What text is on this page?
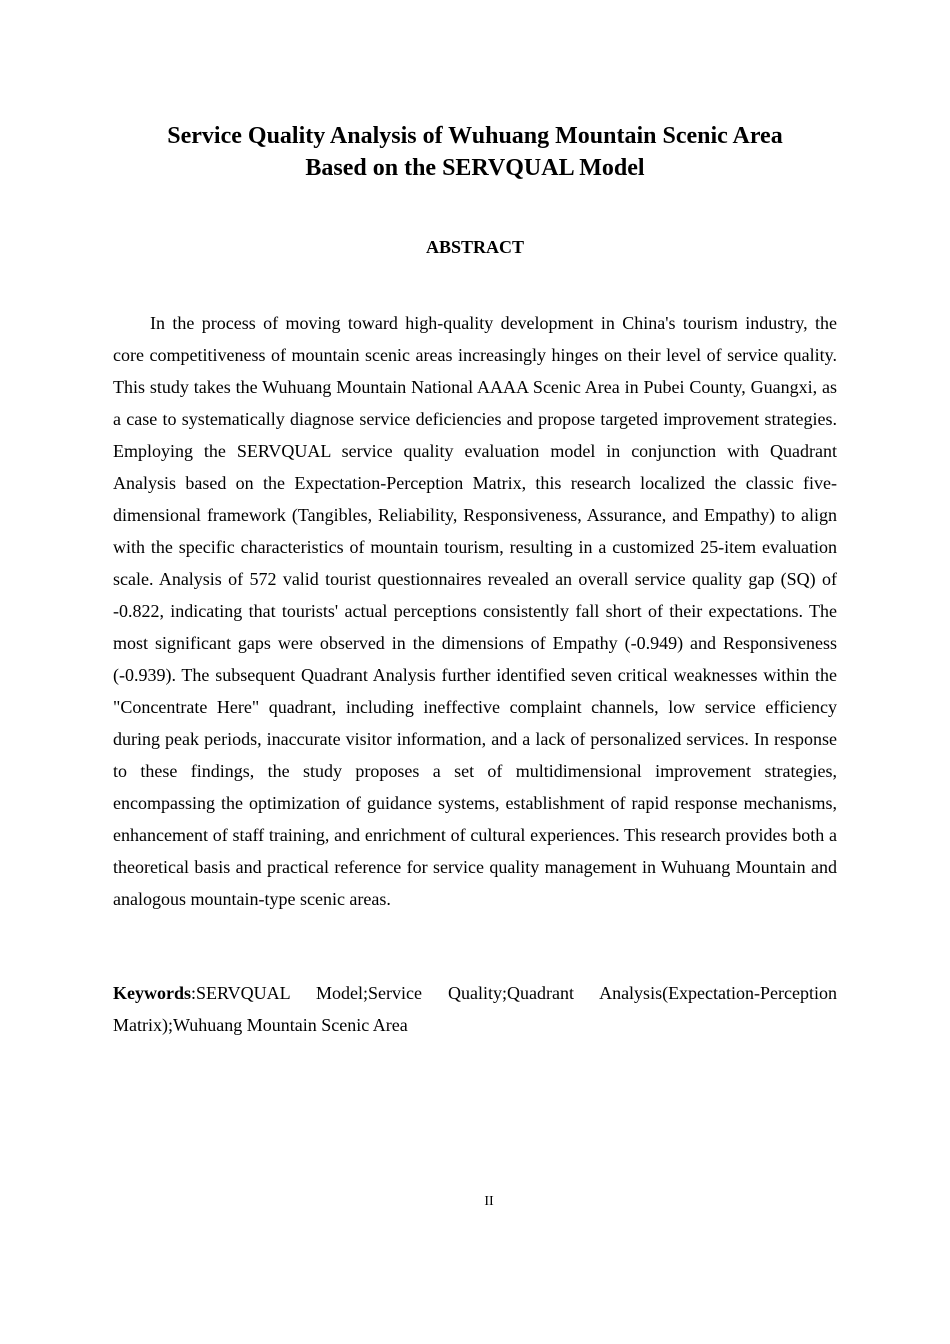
Service Quality Analysis of Wuhuang Mountain Scenic Area
Based on the SERVQUAL Model
ABSTRACT

In the process of moving toward high-quality development in China's tourism industry, the core competitiveness of mountain scenic areas increasingly hinges on their level of service quality. This study takes the Wuhuang Mountain National AAAA Scenic Area in Pubei County, Guangxi, as a case to systematically diagnose service deficiencies and propose targeted improvement strategies. Employing the SERVQUAL service quality evaluation model in conjunction with Quadrant Analysis based on the Expectation-Perception Matrix, this research localized the classic five-dimensional framework (Tangibles, Reliability, Responsiveness, Assurance, and Empathy) to align with the specific characteristics of mountain tourism, resulting in a customized 25-item evaluation scale. Analysis of 572 valid tourist questionnaires revealed an overall service quality gap (SQ) of -0.822, indicating that tourists' actual perceptions consistently fall short of their expectations. The most significant gaps were observed in the dimensions of Empathy (-0.949) and Responsiveness (-0.939). The subsequent Quadrant Analysis further identified seven critical weaknesses within the "Concentrate Here" quadrant, including ineffective complaint channels, low service efficiency during peak periods, inaccurate visitor information, and a lack of personalized services. In response to these findings, the study proposes a set of multidimensional improvement strategies, encompassing the optimization of guidance systems, establishment of rapid response mechanisms, enhancement of staff training, and enrichment of cultural experiences. This research provides both a theoretical basis and practical reference for service quality management in Wuhuang Mountain and analogous mountain-type scenic areas.

Keywords:SERVQUAL Model;Service Quality;Quadrant Analysis(Expectation-Perception Matrix);Wuhuang Mountain Scenic Area

II
